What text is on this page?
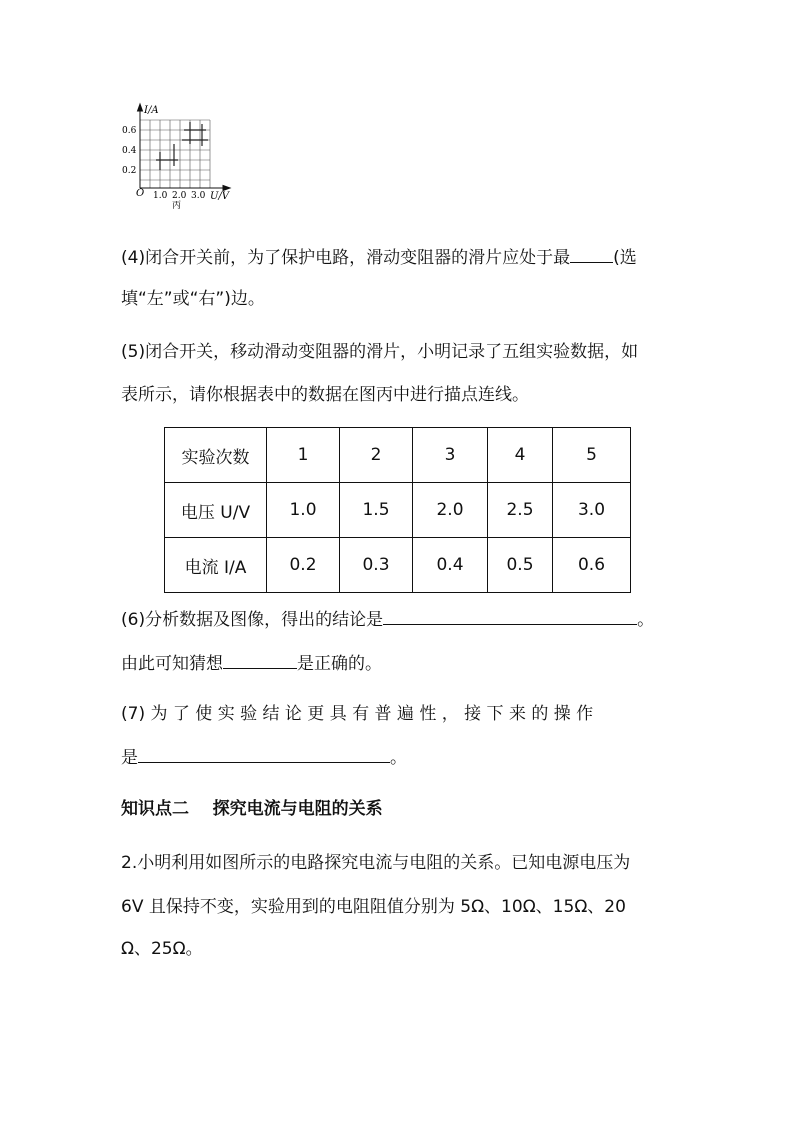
I/A
U/V
O
0.6
0.4
0.2
1.0 2.0 3.0
丙
(4)闭合开关前，为了保护电路，滑动变阻器的滑片应处于最	(选
填“左”或“右”)边。
(5)闭合开关，移动滑动变阻器的滑片，小明记录了五组实验数据，如
表所示，请你根据表中的数据在图丙中进行描点连线。
实验次数	1	2	3	4	5
电压 U/V	1.0	1.5	2.0	2.5	3.0
电流 I/A	0.2	0.3	0.4	0.5	0.6
(6)分析数据及图像，得出的结论是	。
由此可知猜想	是正确的。
(7) 为 了 使 实 验 结 论 更 具 有 普 遍 性 ， 接 下 来 的 操 作
是	。
知识点二    探究电流与电阻的关系
2.小明利用如图所示的电路探究电流与电阻的关系。已知电源电压为
6V 且保持不变，实验用到的电阻阻值分别为 5Ω、10Ω、15Ω、20
Ω、25Ω。
